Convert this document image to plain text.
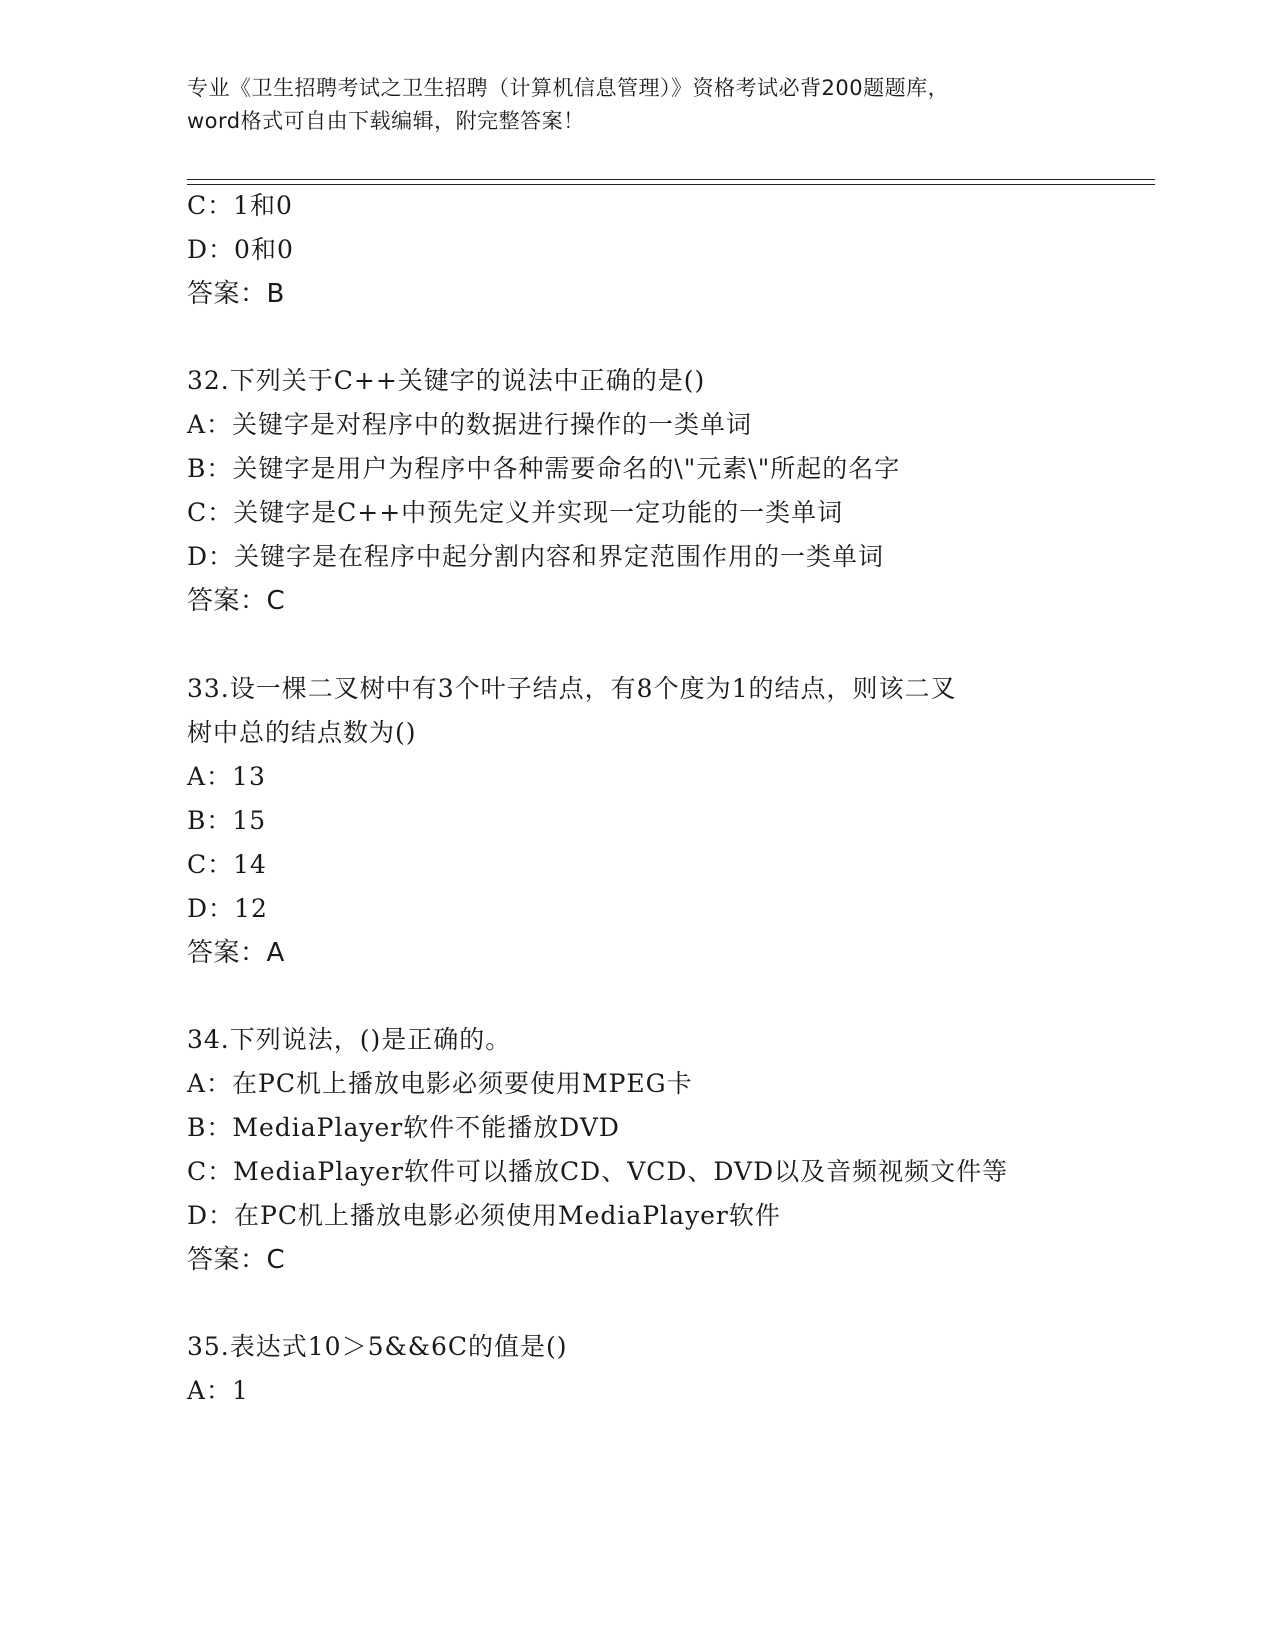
专业《卫生招聘考试之卫生招聘（计算机信息管理）》资格考试必背200题题库，
word格式可自由下载编辑，附完整答案！
C：1和0
D：0和0
答案：B
32.下列关于C++关键字的说法中正确的是()
A：关键字是对程序中的数据进行操作的一类单词
B：关键字是用户为程序中各种需要命名的\"元素\"所起的名字
C：关键字是C++中预先定义并实现一定功能的一类单词
D：关键字是在程序中起分割内容和界定范围作用的一类单词
答案：C
33.设一棵二叉树中有3个叶子结点，有8个度为1的结点，则该二叉
树中总的结点数为()
A：13
B：15
C：14
D：12
答案：A
34.下列说法，()是正确的。
A：在PC机上播放电影必须要使用MPEG卡
B：MediaPlayer软件不能播放DVD
C：MediaPlayer软件可以播放CD、VCD、DVD以及音频视频文件等
D：在PC机上播放电影必须使用MediaPlayer软件
答案：C
35.表达式10＞5&&6C的值是()
A：1
